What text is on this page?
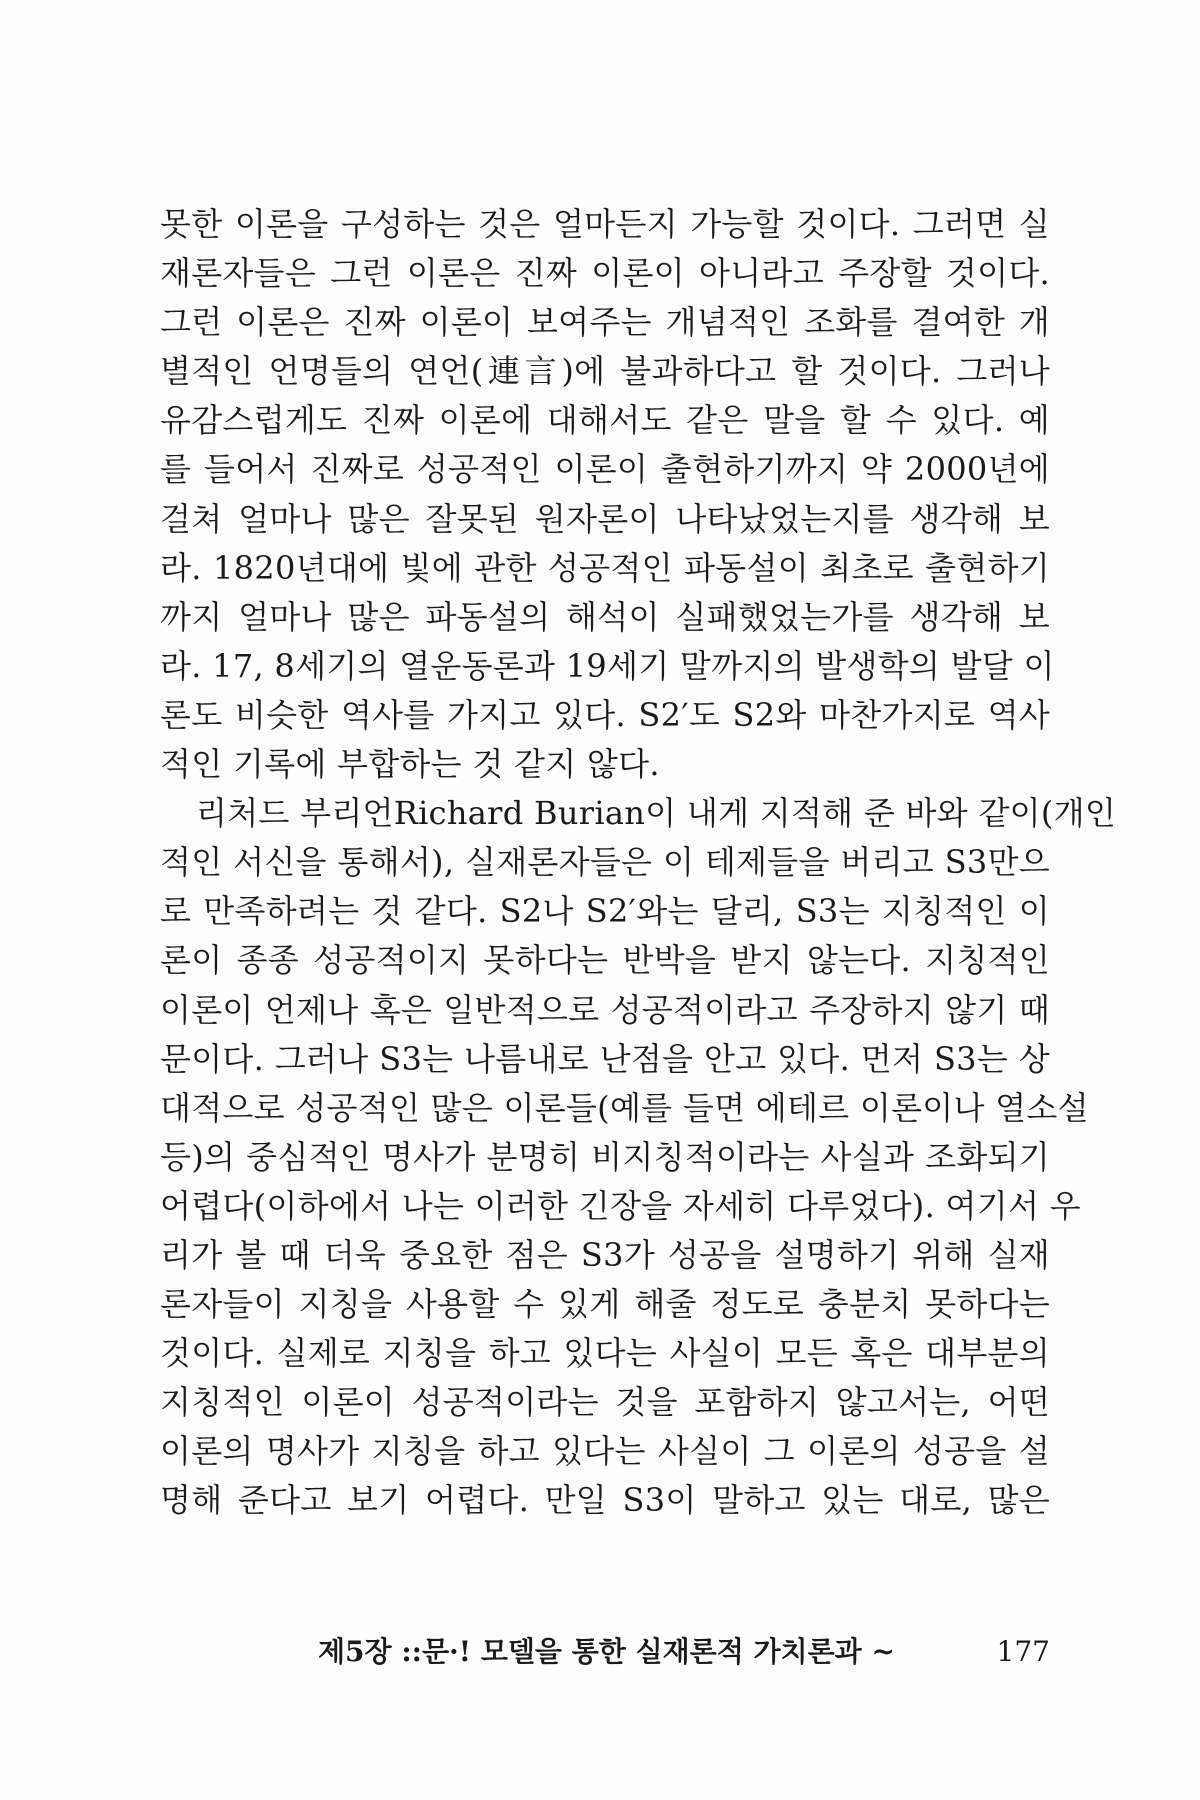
못한 이론을 구성하는 것은 얼마든지 가능할 것이다. 그러면 실
재론자들은 그런 이론은 진짜 이론이 아니라고 주장할 것이다.
그런 이론은 진짜 이론이 보여주는 개념적인 조화를 결여한 개
별적인 언명들의 연언(連言)에 불과하다고 할 것이다. 그러나
유감스럽게도 진짜 이론에 대해서도 같은 말을 할 수 있다. 예
를 들어서 진짜로 성공적인 이론이 출현하기까지 약 2000년에
걸쳐 얼마나 많은 잘못된 원자론이 나타났었는지를 생각해 보
라. 1820년대에 빛에 관한 성공적인 파동설이 최초로 출현하기
까지 얼마나 많은 파동설의 해석이 실패했었는가를 생각해 보
라. 17, 8세기의 열운동론과 19세기 말까지의 발생학의 발달 이
론도 비슷한 역사를 가지고 있다. S2′도 S2와 마찬가지로 역사
적인 기록에 부합하는 것 같지 않다.
리처드 부리언Richard Burian이 내게 지적해 준 바와 같이(개인
적인 서신을 통해서), 실재론자들은 이 테제들을 버리고 S3만으
로 만족하려는 것 같다. S2나 S2′와는 달리, S3는 지칭적인 이
론이 종종 성공적이지 못하다는 반박을 받지 않는다. 지칭적인
이론이 언제나 혹은 일반적으로 성공적이라고 주장하지 않기 때
문이다. 그러나 S3는 나름내로 난점을 안고 있다. 먼저 S3는 상
대적으로 성공적인 많은 이론들(예를 들면 에테르 이론이나 열소설
등)의 중심적인 명사가 분명히 비지칭적이라는 사실과 조화되기
어렵다(이하에서 나는 이러한 긴장을 자세히 다루었다). 여기서 우
리가 볼 때 더욱 중요한 점은 S3가 성공을 설명하기 위해 실재
론자들이 지칭을 사용할 수 있게 해줄 정도로 충분치 못하다는
것이다. 실제로 지칭을 하고 있다는 사실이 모든 혹은 대부분의
지칭적인 이론이 성공적이라는 것을 포함하지 않고서는, 어떤
이론의 명사가 지칭을 하고 있다는 사실이 그 이론의 성공을 설
명해 준다고 보기 어렵다. 만일 S3이 말하고 있는 대로, 많은
제5장 ::문·! 모델을 통한 실재론적 가치론과 ~	177
